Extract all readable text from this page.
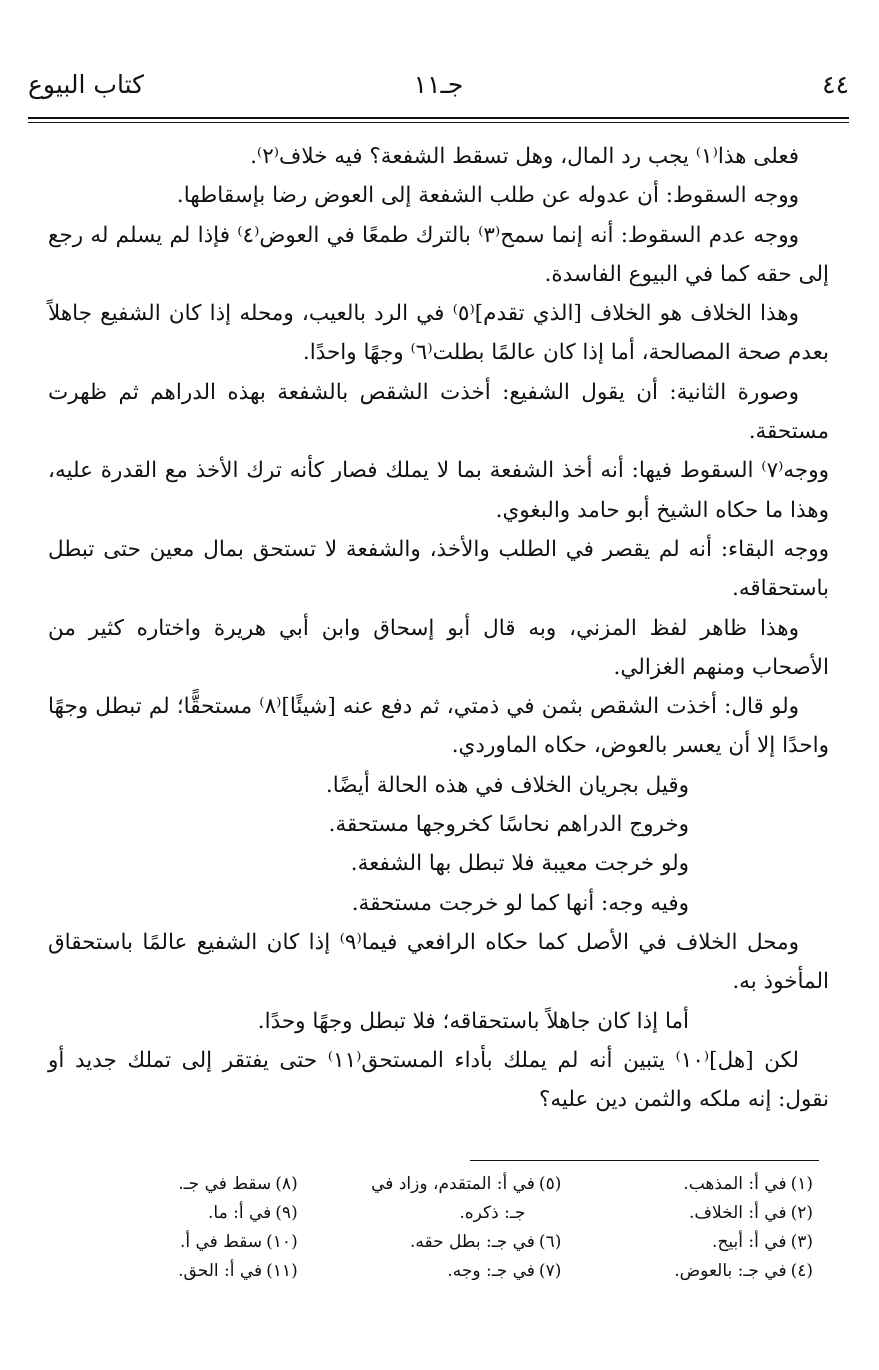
٤٤
جـ١١
كتاب البيوع

فعلى هذا⁽١⁾ يجب رد المال، وهل تسقط الشفعة؟ فيه خلاف⁽٢⁾.

ووجه السقوط: أن عدوله عن طلب الشفعة إلى العوض رضا بإسقاطها.

ووجه عدم السقوط: أنه إنما سمح⁽٣⁾ بالترك طمعًا في العوض⁽٤⁾ فإذا لم يسلم له رجع إلى حقه كما في البيوع الفاسدة.

وهذا الخلاف هو الخلاف [الذي تقدم]⁽٥⁾ في الرد بالعيب، ومحله إذا كان الشفيع جاهلاً بعدم صحة المصالحة، أما إذا كان عالمًا بطلت⁽٦⁾ وجهًا واحدًا.

وصورة الثانية: أن يقول الشفيع: أخذت الشقص بالشفعة بهذه الدراهم ثم ظهرت مستحقة.

ووجه⁽٧⁾ السقوط فيها: أنه أخذ الشفعة بما لا يملك فصار كأنه ترك الأخذ مع القدرة عليه، وهذا ما حكاه الشيخ أبو حامد والبغوي.

ووجه البقاء: أنه لم يقصر في الطلب والأخذ، والشفعة لا تستحق بمال معين حتى تبطل باستحقاقه.

وهذا ظاهر لفظ المزني، وبه قال أبو إسحاق وابن أبي هريرة واختاره كثير من الأصحاب ومنهم الغزالي.

ولو قال: أخذت الشقص بثمن في ذمتي، ثم دفع عنه [شيئًا]⁽٨⁾ مستحقًّا؛ لم تبطل وجهًا واحدًا إلا أن يعسر بالعوض، حكاه الماوردي.

وقيل بجريان الخلاف في هذه الحالة أيضًا.

وخروج الدراهم نحاسًا كخروجها مستحقة.

ولو خرجت معيبة فلا تبطل بها الشفعة.

وفيه وجه: أنها كما لو خرجت مستحقة.

ومحل الخلاف في الأصل كما حكاه الرافعي فيما⁽٩⁾ إذا كان الشفيع عالمًا باستحقاق المأخوذ به.

أما إذا كان جاهلاً باستحقاقه؛ فلا تبطل وجهًا وحدًا.

لكن [هل]⁽١٠⁾ يتبين أنه لم يملك بأداء المستحق⁽١١⁾ حتى يفتقر إلى تملك جديد أو نقول: إنه ملكه والثمن دين عليه؟

(١)في أ: المذهب.
(٢)في أ: الخلاف.
(٣)في أ: أبيح.
(٤)في جـ: بالعوض.
(٥)في أ: المتقدم، وزاد في
جـ: ذكره.
(٦)في جـ: بطل حقه.
(٧)في جـ: وجه.
(٨)سقط في جـ.
(٩)في أ: ما.
(١٠)سقط في أ.
(١١)في أ: الحق.
